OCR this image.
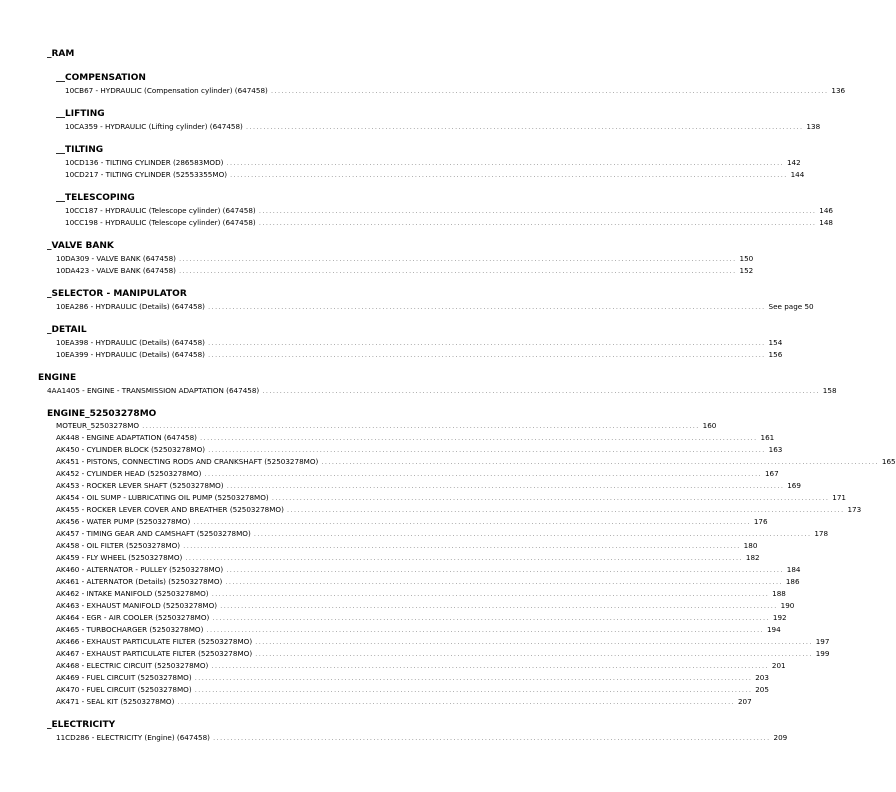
_RAM
__COMPENSATION
10CB67 - HYDRAULIC (Compensation cylinder) (647458) ................................................................................................................................................................ 136
__LIFTING
10CA359 - HYDRAULIC (Lifting cylinder) (647458) ................................................................................................................................................................ 138
__TILTING
10CD136 - TILTING CYLINDER (286583MOD) ................................................................................................................................................................ 142
10CD217 - TILTING CYLINDER (52553355MO) ................................................................................................................................................................ 144
__TELESCOPING
10CC187 - HYDRAULIC (Telescope cylinder) (647458) ................................................................................................................................................................ 146
10CC198 - HYDRAULIC (Telescope cylinder) (647458) ................................................................................................................................................................ 148
_VALVE BANK
10DA309 - VALVE BANK (647458) ................................................................................................................................................................ 150
10DA423 - VALVE BANK (647458) ................................................................................................................................................................ 152
_SELECTOR - MANIPULATOR
10EA286 - HYDRAULIC (Details) (647458) ................................................................................................................................................................ See page 50
_DETAIL
10EA398 - HYDRAULIC (Details) (647458) ................................................................................................................................................................ 154
10EA399 - HYDRAULIC (Details) (647458) ................................................................................................................................................................ 156
ENGINE
4AA1405 - ENGINE - TRANSMISSION ADAPTATION (647458) ................................................................................................................................................................ 158
ENGINE_52503278MO
MOTEUR_52503278MO ................................................................................................................................................................ 160
AK448 - ENGINE ADAPTATION (647458) ................................................................................................................................................................ 161
AK450 - CYLINDER BLOCK (52503278MO) ................................................................................................................................................................ 163
AK451 - PISTONS, CONNECTING RODS AND CRANKSHAFT (52503278MO) ................................................................................................................................................................ 165
AK452 - CYLINDER HEAD (52503278MO) ................................................................................................................................................................ 167
AK453 - ROCKER LEVER SHAFT (52503278MO) ................................................................................................................................................................ 169
AK454 - OIL SUMP - LUBRICATING OIL PUMP (52503278MO) ................................................................................................................................................................ 171
AK455 - ROCKER LEVER COVER AND BREATHER (52503278MO) ................................................................................................................................................................ 173
AK456 - WATER PUMP (52503278MO) ................................................................................................................................................................ 176
AK457 - TIMING GEAR AND CAMSHAFT (52503278MO) ................................................................................................................................................................ 178
AK458 - OIL FILTER (52503278MO) ................................................................................................................................................................ 180
AK459 - FLY WHEEL (52503278MO) ................................................................................................................................................................ 182
AK460 - ALTERNATOR - PULLEY (52503278MO) ................................................................................................................................................................ 184
AK461 - ALTERNATOR (Details) (52503278MO) ................................................................................................................................................................ 186
AK462 - INTAKE MANIFOLD (52503278MO) ................................................................................................................................................................ 188
AK463 - EXHAUST MANIFOLD (52503278MO) ................................................................................................................................................................ 190
AK464 - EGR - AIR COOLER (52503278MO) ................................................................................................................................................................ 192
AK465 - TURBOCHARGER (52503278MO) ................................................................................................................................................................ 194
AK466 - EXHAUST PARTICULATE FILTER (52503278MO) ................................................................................................................................................................ 197
AK467 - EXHAUST PARTICULATE FILTER (52503278MO) ................................................................................................................................................................ 199
AK468 - ELECTRIC CIRCUIT (52503278MO) ................................................................................................................................................................ 201
AK469 - FUEL CIRCUIT (52503278MO) ................................................................................................................................................................ 203
AK470 - FUEL CIRCUIT (52503278MO) ................................................................................................................................................................ 205
AK471 - SEAL KIT (52503278MO) ................................................................................................................................................................ 207
_ELECTRICITY
11CD286 - ELECTRICITY (Engine) (647458) ................................................................................................................................................................ 209
